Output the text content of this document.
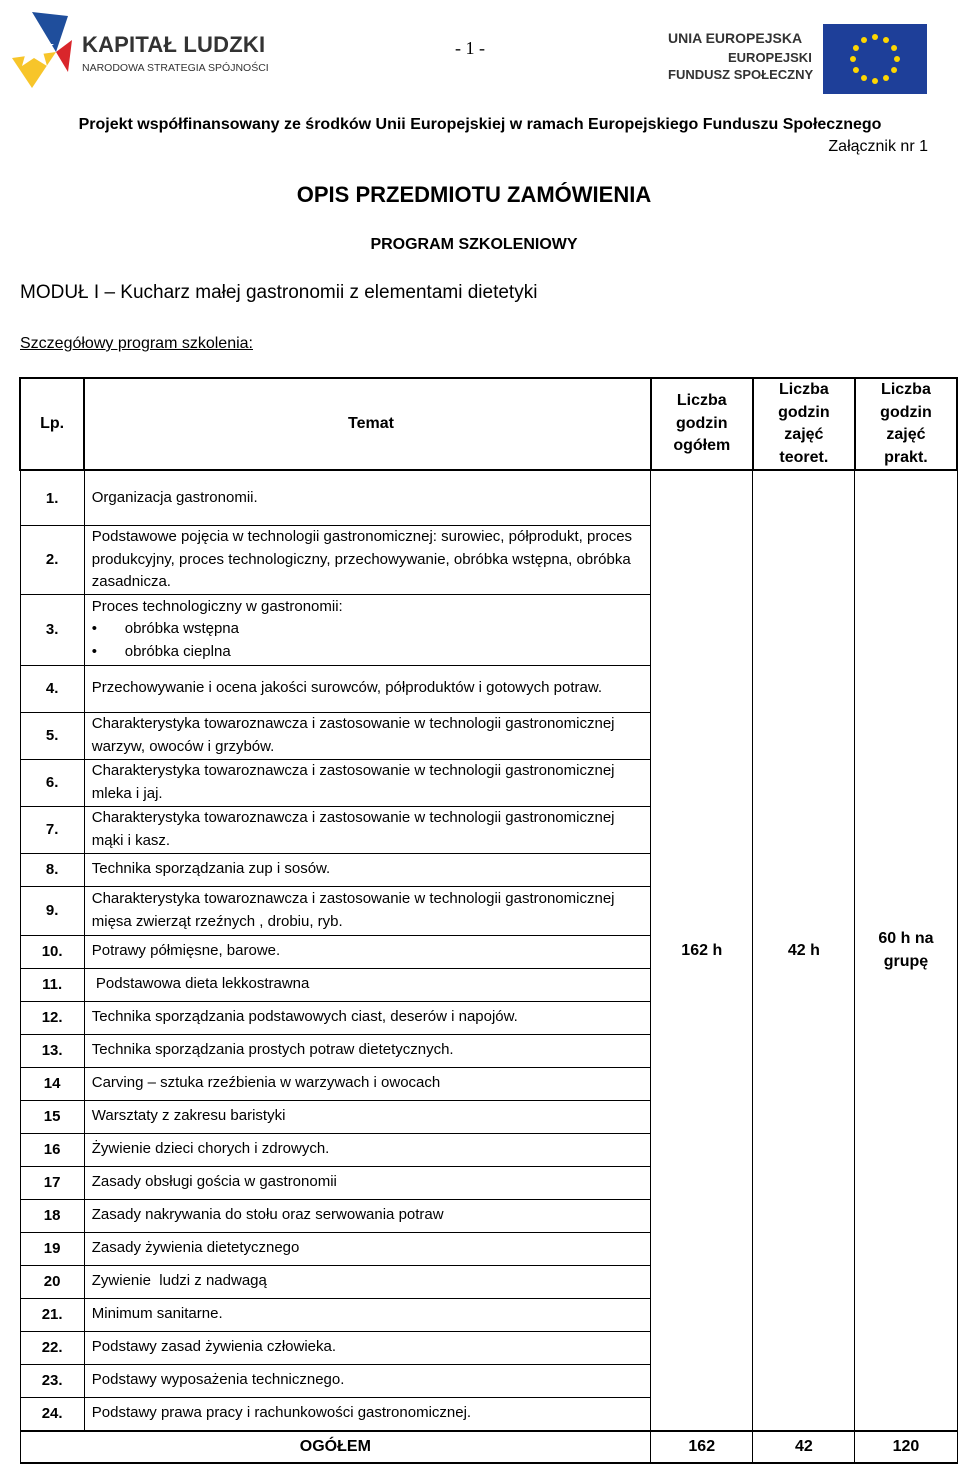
KAPITAŁ LUDZKI
NARODOWA STRATEGIA SPÓJNOŚCI
- 1 -	UNIA EUROPEJSKA
EUROPEJSKI
FUNDUSZ SPOŁECZNY
Projekt współfinansowany ze środków Unii Europejskiej w ramach Europejskiego Funduszu Społecznego
Załącznik nr 1
OPIS PRZEDMIOTU ZAMÓWIENIA
PROGRAM SZKOLENIOWY
MODUŁ I – Kucharz małej gastronomii z elementami dietetyki
Szczegółowy program szkolenia:
Lp.	Temat	Liczba
godzin
ogółem	Liczba
godzin
zajęć
teoret.	Liczba
godzin
zajęć
prakt.
1.	Organizacja gastronomii.	162 h	42 h	60 h na
grupę
2.	Podstawowe pojęcia w technologii gastronomicznej: surowiec, półprodukt, proces produkcyjny, proces technologiczny, przechowywanie, obróbka wstępna, obróbka zasadnicza.			
3.	Proces technologiczny w gastronomii:
• obróbka wstępna
• obróbka cieplna

4.	Przechowywanie i ocena jakości surowców, półproduktów i gotowych potraw.			
5.	Charakterystyka towaroznawcza i zastosowanie w technologii gastronomicznej warzyw, owoców i grzybów.			
6.	Charakterystyka towaroznawcza i zastosowanie w technologii gastronomicznej mleka i jaj.			
7.	Charakterystyka towaroznawcza i zastosowanie w technologii gastronomicznej mąki i kasz.			
8.	Technika sporządzania zup i sosów.			
9.	Charakterystyka towaroznawcza i zastosowanie w technologii gastronomicznej mięsa zwierząt rzeźnych , drobiu, ryb.			
10.	Potrawy półmięsne, barowe.			
11.	Podstawowa dieta lekkostrawna			
12.	Technika sporządzania podstawowych ciast, deserów i napojów.			
13.	Technika sporządzania prostych potraw dietetycznych.			
14	Carving – sztuka rzeźbienia w warzywach i owocach			
15	Warsztaty z zakresu baristyki			
16	Żywienie dzieci chorych i zdrowych.			
17	Zasady obsługi gościa w gastronomii			
18	Zasady nakrywania do stołu oraz serwowania potraw			
19	Zasady żywienia dietetycznego			
20	Zywienie  ludzi z nadwagą			
21.	Minimum sanitarne.			
22.	Podstawy zasad żywienia człowieka.			
23.	Podstawy wyposażenia technicznego.			
24.	Podstawy prawa pracy i rachunkowości gastronomicznej.			
OGÓŁEM		162	42	120
